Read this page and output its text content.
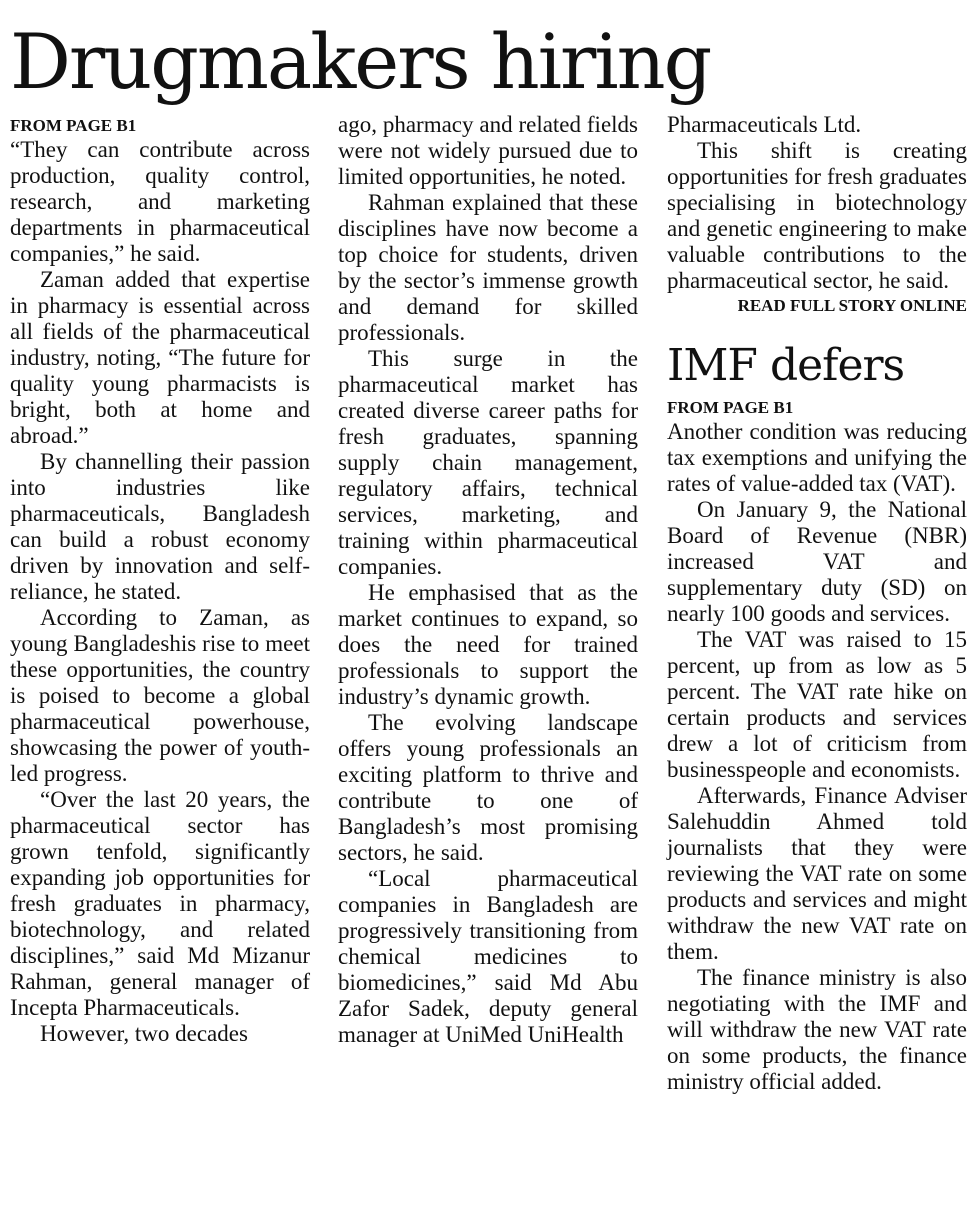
Drugmakers hiring
FROM PAGE B1

“They can contribute across production, quality control, research, and marketing departments in pharmaceutical companies,” he said.

Zaman added that expertise in pharmacy is essential across all fields of the pharmaceutical industry, noting, “The future for quality young pharmacists is bright, both at home and abroad.”

By channelling their passion into industries like pharmaceuticals, Bangladesh can build a robust economy driven by innovation and self-reliance, he stated.

According to Zaman, as young Bangladeshis rise to meet these opportunities, the country is poised to become a global pharmaceutical powerhouse, showcasing the power of youth-led progress.

“Over the last 20 years, the pharmaceutical sector has grown tenfold, significantly expanding job opportunities for fresh graduates in pharmacy, biotechnology, and related disciplines,” said Md Mizanur Rahman, general manager of Incepta Pharmaceuticals.

However, two decades

ago, pharmacy and related fields were not widely pursued due to limited opportunities, he noted.

Rahman explained that these disciplines have now become a top choice for students, driven by the sector’s immense growth and demand for skilled professionals.

This surge in the pharmaceutical market has created diverse career paths for fresh graduates, spanning supply chain management, regulatory affairs, technical services, marketing, and training within pharmaceutical companies.

He emphasised that as the market continues to expand, so does the need for trained professionals to support the industry’s dynamic growth.

The evolving landscape offers young professionals an exciting platform to thrive and contribute to one of Bangladesh’s most promising sectors, he said.

“Local pharmaceutical companies in Bangladesh are progressively transitioning from chemical medicines to biomedicines,” said Md Abu Zafor Sadek, deputy general manager at UniMed UniHealth

Pharmaceuticals Ltd.

This shift is creating opportunities for fresh graduates specialising in biotechnology and genetic engineering to make valuable contributions to the pharmaceutical sector, he said.

READ FULL STORY ONLINE
IMF defers
FROM PAGE B1

Another condition was reducing tax exemptions and unifying the rates of value-added tax (VAT).

On January 9, the National Board of Revenue (NBR) increased VAT and supplementary duty (SD) on nearly 100 goods and services.

The VAT was raised to 15 percent, up from as low as 5 percent. The VAT rate hike on certain products and services drew a lot of criticism from businesspeople and economists.

Afterwards, Finance Adviser Salehuddin Ahmed told journalists that they were reviewing the VAT rate on some products and services and might withdraw the new VAT rate on them.

The finance ministry is also negotiating with the IMF and will withdraw the new VAT rate on some products, the finance ministry official added.
